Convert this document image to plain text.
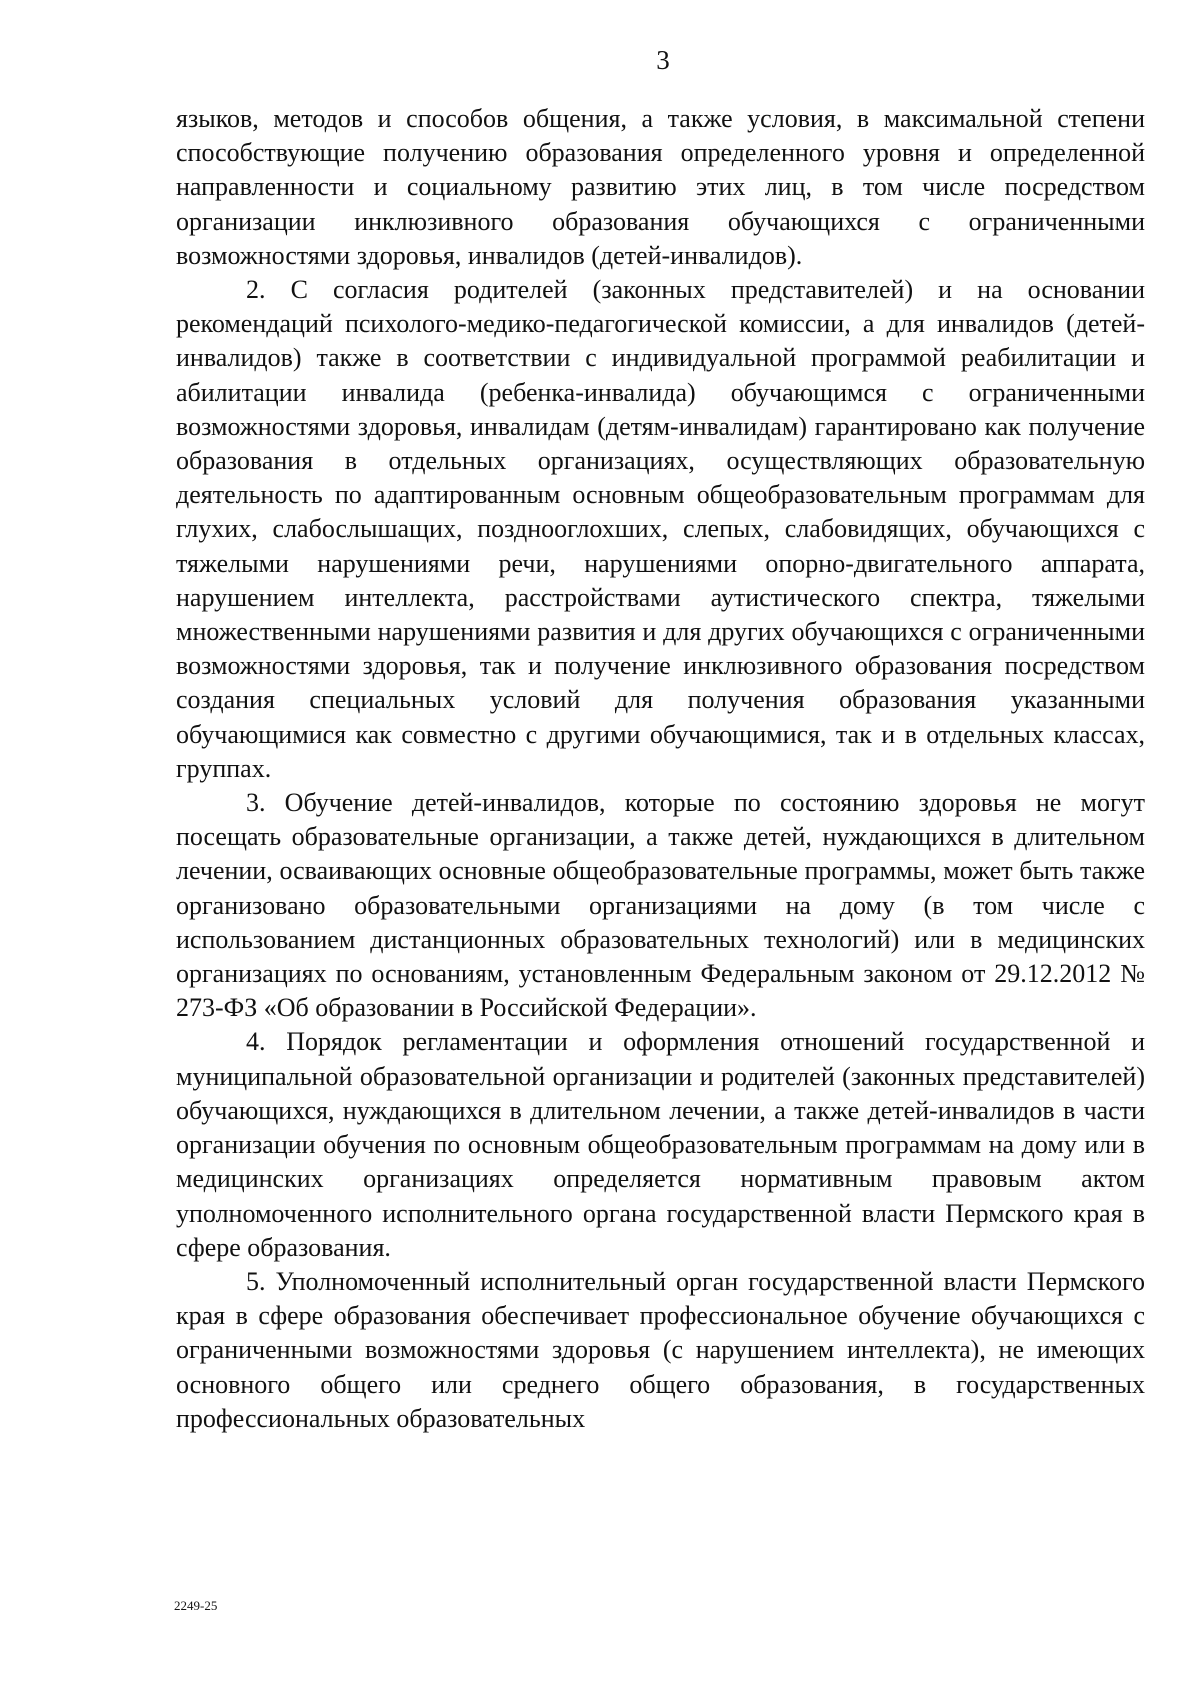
3

языков, методов и способов общения, а также условия, в максимальной степени способствующие получению образования определенного уровня и определенной направленности и социальному развитию этих лиц, в том числе посредством организации инклюзивного образования обучающихся с ограниченными возможностями здоровья, инвалидов (детей-инвалидов).

2. С согласия родителей (законных представителей) и на основании рекомендаций психолого-медико-педагогической комиссии, а для инвалидов (детей-инвалидов) также в соответствии с индивидуальной программой реабилитации и абилитации инвалида (ребенка-инвалида) обучающимся с ограниченными возможностями здоровья, инвалидам (детям-инвалидам) гарантировано как получение образования в отдельных организациях, осуществляющих образовательную деятельность по адаптированным основным общеобразовательным программам для глухих, слабослышащих, позднооглохших, слепых, слабовидящих, обучающихся с тяжелыми нарушениями речи, нарушениями опорно-двигательного аппарата, нарушением интеллекта, расстройствами аутистического спектра, тяжелыми множественными нарушениями развития и для других обучающихся с ограниченными возможностями здоровья, так и получение инклюзивного образования посредством создания специальных условий для получения образования указанными обучающимися как совместно с другими обучающимися, так и в отдельных классах, группах.

3. Обучение детей-инвалидов, которые по состоянию здоровья не могут посещать образовательные организации, а также детей, нуждающихся в длительном лечении, осваивающих основные общеобразовательные программы, может быть также организовано образовательными организациями на дому (в том числе с использованием дистанционных образовательных технологий) или в медицинских организациях по основаниям, установленным Федеральным законом от 29.12.2012 № 273-ФЗ «Об образовании в Российской Федерации».

4. Порядок регламентации и оформления отношений государственной и муниципальной образовательной организации и родителей (законных представителей) обучающихся, нуждающихся в длительном лечении, а также детей-инвалидов в части организации обучения по основным общеобразовательным программам на дому или в медицинских организациях определяется нормативным правовым актом уполномоченного исполнительного органа государственной власти Пермского края в сфере образования.

5. Уполномоченный исполнительный орган государственной власти Пермского края в сфере образования обеспечивает профессиональное обучение обучающихся с ограниченными возможностями здоровья (с нарушением интеллекта), не имеющих основного общего или среднего общего образования, в государственных профессиональных образовательных

2249-25
